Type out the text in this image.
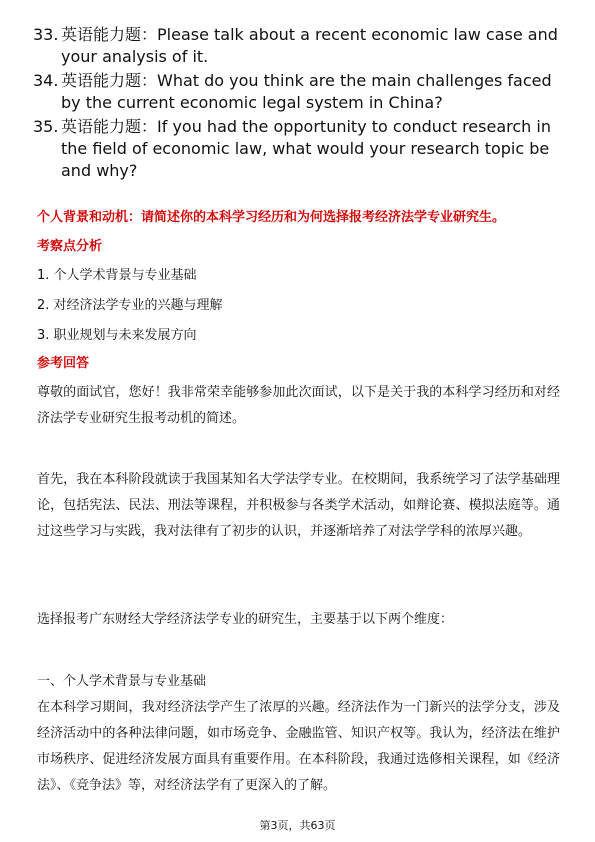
33. 英语能力题：Please talk about a recent economic law case and your analysis of it.
34. 英语能力题：What do you think are the main challenges faced by the current economic legal system in China?
35. 英语能力题：If you had the opportunity to conduct research in the field of economic law, what would your research topic be and why?
个人背景和动机：请简述你的本科学习经历和为何选择报考经济法学专业研究生。
考察点分析
1. 个人学术背景与专业基础
2. 对经济法学专业的兴趣与理解
3. 职业规划与未来发展方向
参考回答
尊敬的面试官，您好！我非常荣幸能够参加此次面试，以下是关于我的本科学习经历和对经济法学专业研究生报考动机的简述。
首先，我在本科阶段就读于我国某知名大学法学专业。在校期间，我系统学习了法学基础理论，包括宪法、民法、刑法等课程，并积极参与各类学术活动，如辩论赛、模拟法庭等。通过这些学习与实践，我对法律有了初步的认识，并逐渐培养了对法学学科的浓厚兴趣。
选择报考广东财经大学经济法学专业的研究生，主要基于以下两个维度：
一、个人学术背景与专业基础
在本科学习期间，我对经济法学产生了浓厚的兴趣。经济法作为一门新兴的法学分支，涉及经济活动中的各种法律问题，如市场竞争、金融监管、知识产权等。我认为，经济法在维护市场秩序、促进经济发展方面具有重要作用。在本科阶段，我通过选修相关课程，如《经济法》、《竞争法》等，对经济法学有了更深入的了解。
第3页，共63页
